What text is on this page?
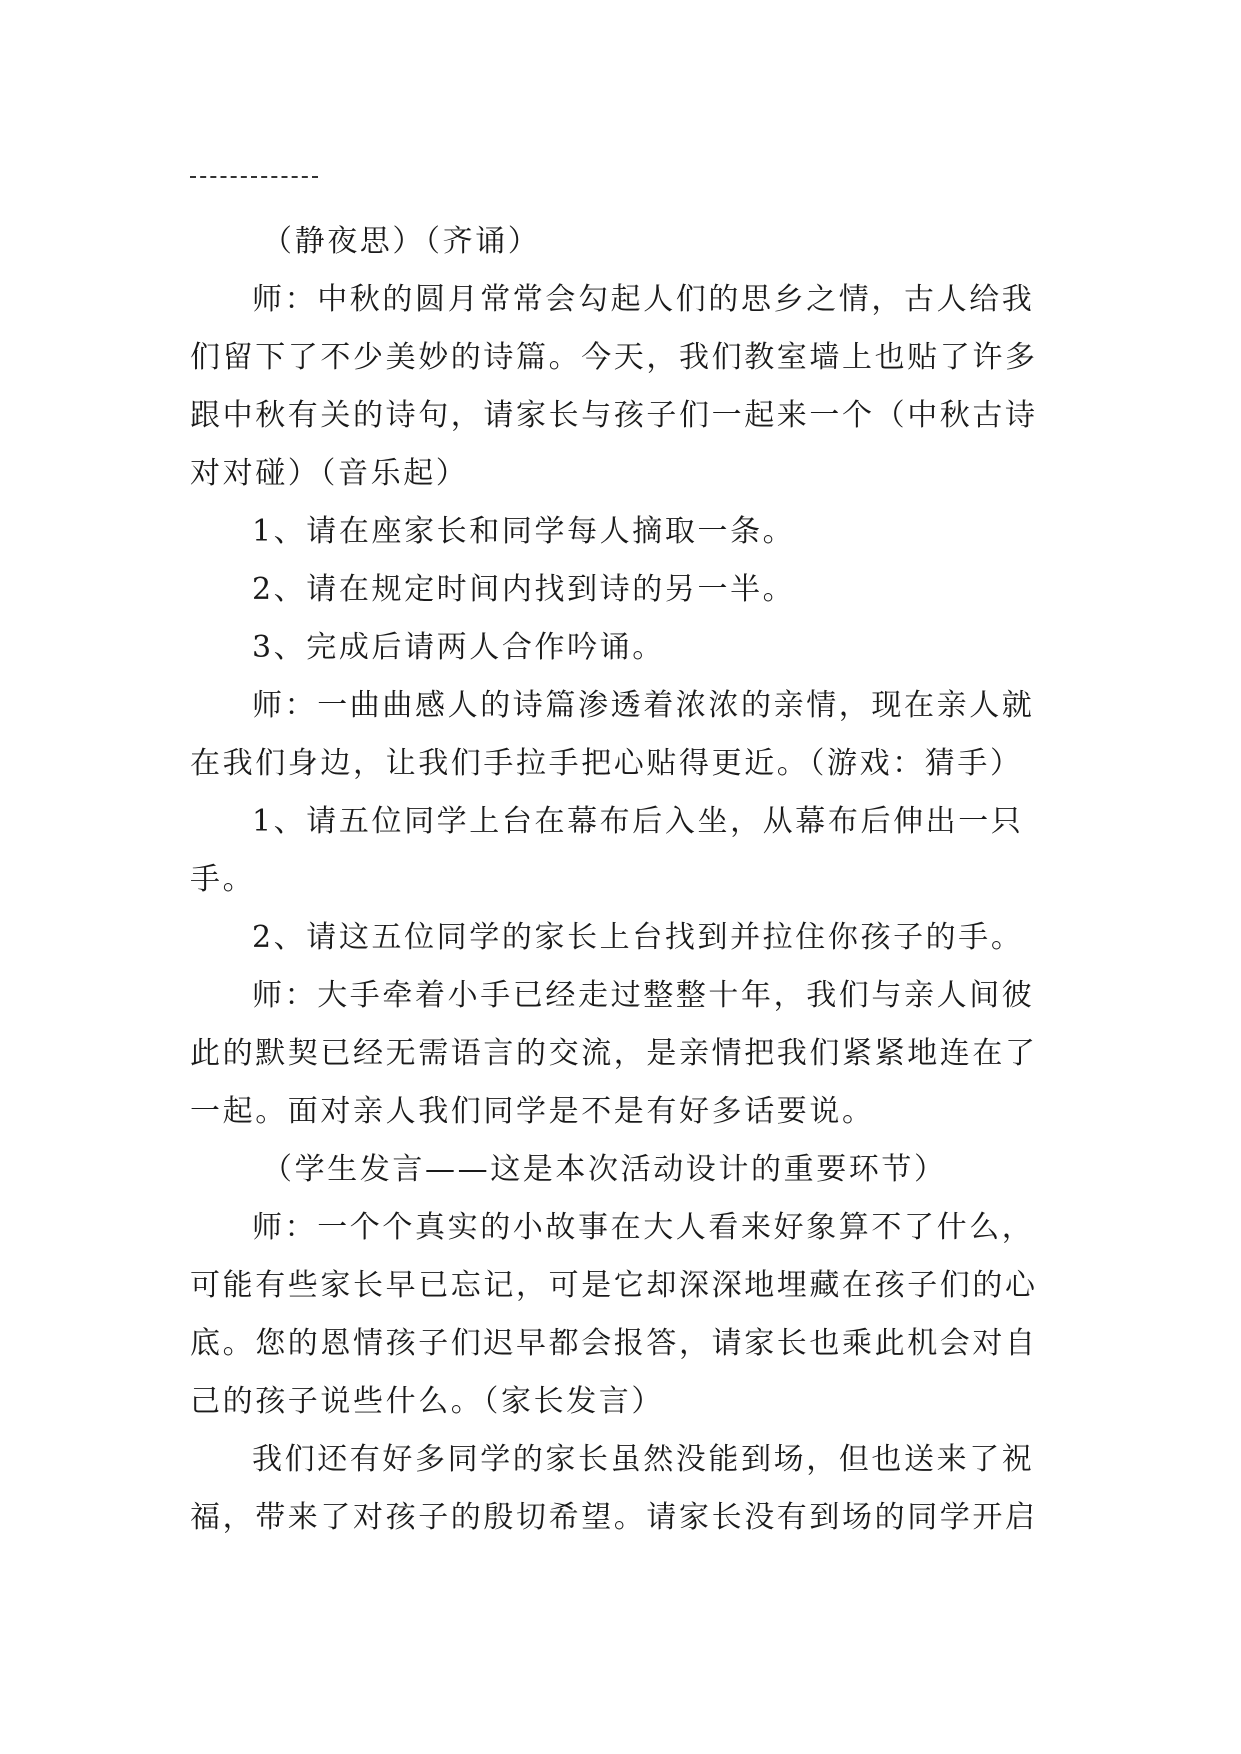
（静夜思）（齐诵）
师：中秋的圆月常常会勾起人们的思乡之情，古人给我
们留下了不少美妙的诗篇。今天，我们教室墙上也贴了许多
跟中秋有关的诗句，请家长与孩子们一起来一个（中秋古诗
对对碰）（音乐起）
1、请在座家长和同学每人摘取一条。
2、请在规定时间内找到诗的另一半。
3、完成后请两人合作吟诵。
师：一曲曲感人的诗篇渗透着浓浓的亲情，现在亲人就
在我们身边，让我们手拉手把心贴得更近。（游戏：猜手）
1、请五位同学上台在幕布后入坐，从幕布后伸出一只
手。
2、请这五位同学的家长上台找到并拉住你孩子的手。
师：大手牵着小手已经走过整整十年，我们与亲人间彼
此的默契已经无需语言的交流，是亲情把我们紧紧地连在了
一起。面对亲人我们同学是不是有好多话要说。
（学生发言——这是本次活动设计的重要环节）
师：一个个真实的小故事在大人看来好象算不了什么，
可能有些家长早已忘记，可是它却深深地埋藏在孩子们的心
底。您的恩情孩子们迟早都会报答，请家长也乘此机会对自
己的孩子说些什么。（家长发言）
我们还有好多同学的家长虽然没能到场，但也送来了祝
福，带来了对孩子的殷切希望。请家长没有到场的同学开启
